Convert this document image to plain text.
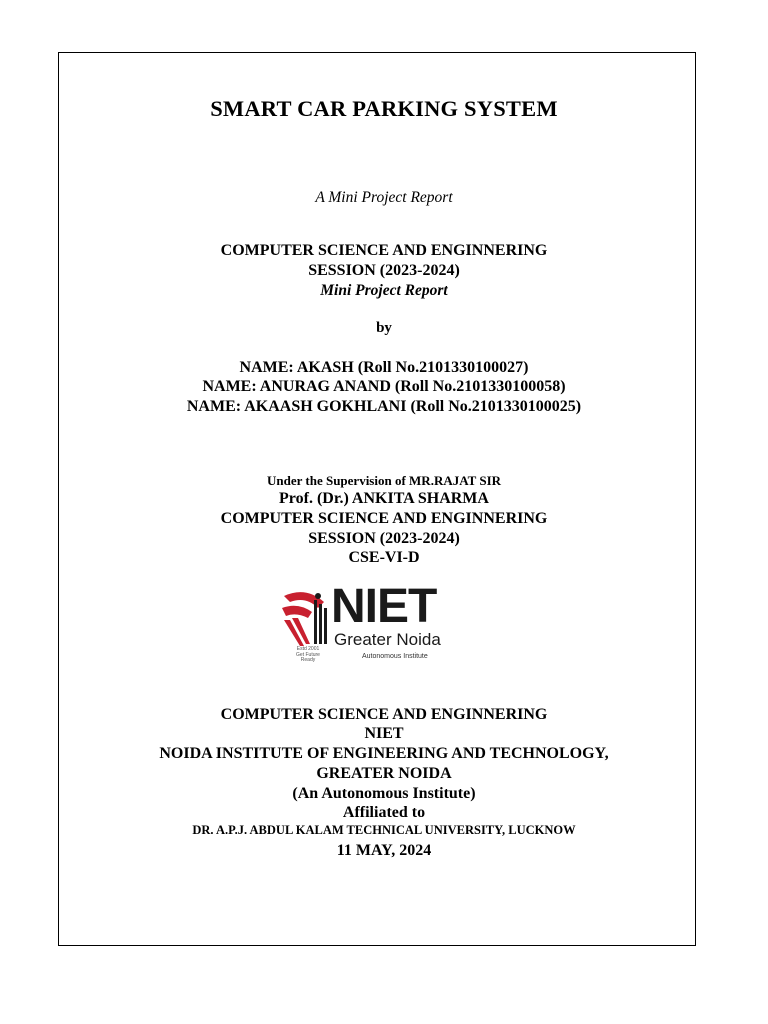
SMART CAR PARKING SYSTEM
A Mini Project Report
COMPUTER SCIENCE AND ENGINNERING
SESSION (2023-2024)
Mini Project Report
by
NAME: AKASH (Roll No.2101330100027)
NAME: ANURAG ANAND (Roll No.2101330100058)
NAME: AKAASH GOKHLANI (Roll No.2101330100025)
Under the Supervision of MR.RAJAT SIR
Prof. (Dr.) ANKITA SHARMA
COMPUTER SCIENCE AND ENGINNERING
SESSION (2023-2024)
CSE-VI-D
Estd 2001
Get Future Ready
NIET
Greater Noida
Autonomous Institute
COMPUTER SCIENCE AND ENGINNERING
NIET
NOIDA INSTITUTE OF ENGINEERING AND TECHNOLOGY,
GREATER NOIDA
(An Autonomous Institute)
Affiliated to
DR. A.P.J. ABDUL KALAM TECHNICAL UNIVERSITY, LUCKNOW
11 MAY, 2024
